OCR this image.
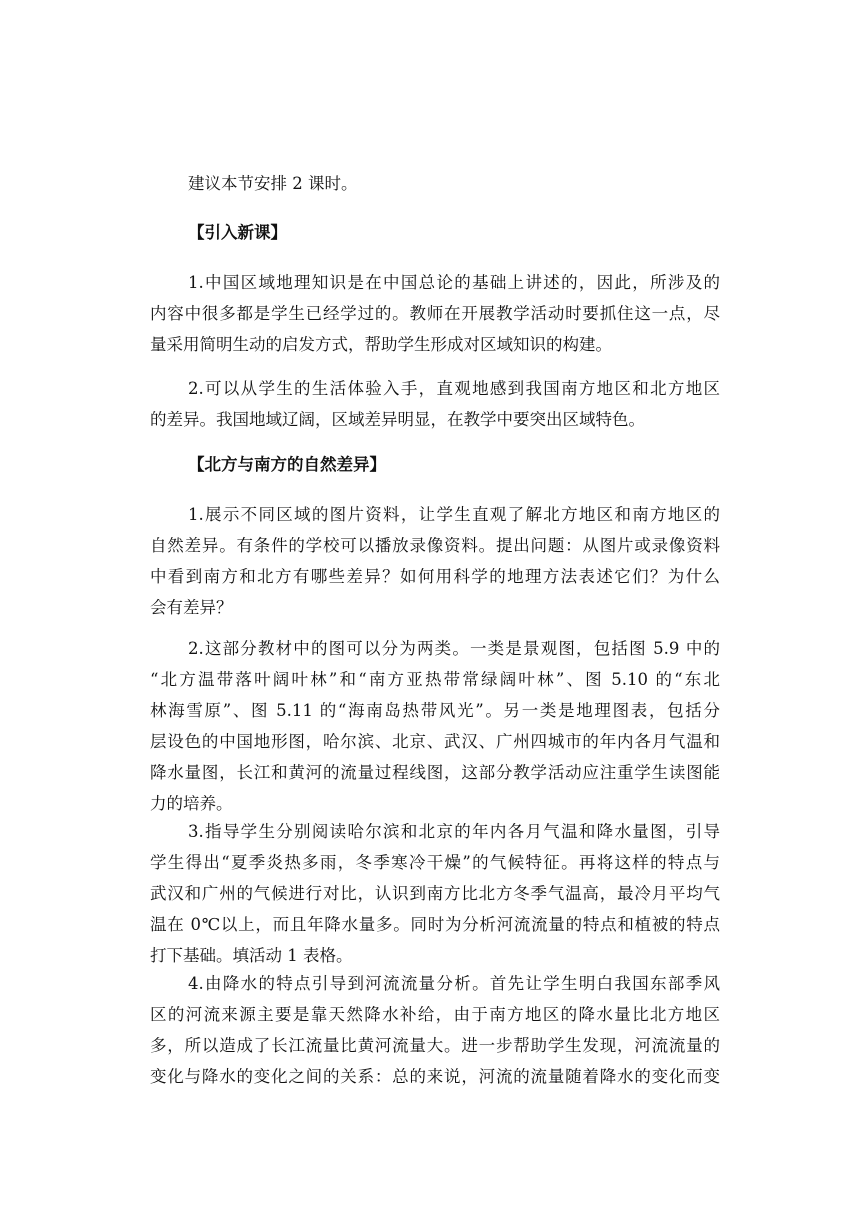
建议本节安排 2 课时。
【引入新课】
1.中国区域地理知识是在中国总论的基础上讲述的，因此，所涉及的
内容中很多都是学生已经学过的。教师在开展教学活动时要抓住这一点，尽
量采用简明生动的启发方式，帮助学生形成对区域知识的构建。
2.可以从学生的生活体验入手，直观地感到我国南方地区和北方地区
的差异。我国地域辽阔，区域差异明显，在教学中要突出区域特色。
【北方与南方的自然差异】
1.展示不同区域的图片资料，让学生直观了解北方地区和南方地区的
自然差异。有条件的学校可以播放录像资料。提出问题：从图片或录像资料
中看到南方和北方有哪些差异？如何用科学的地理方法表述它们？为什么
会有差异？
2.这部分教材中的图可以分为两类。一类是景观图，包括图 5.9 中的
“北方温带落叶阔叶林”和“南方亚热带常绿阔叶林”、图 5.10 的“东北
林海雪原”、图 5.11 的“海南岛热带风光”。另一类是地理图表，包括分
层设色的中国地形图，哈尔滨、北京、武汉、广州四城市的年内各月气温和
降水量图，长江和黄河的流量过程线图，这部分教学活动应注重学生读图能
力的培养。
3.指导学生分别阅读哈尔滨和北京的年内各月气温和降水量图，引导
学生得出“夏季炎热多雨，冬季寒冷干燥”的气候特征。再将这样的特点与
武汉和广州的气候进行对比，认识到南方比北方冬季气温高，最冷月平均气
温在 0℃以上，而且年降水量多。同时为分析河流流量的特点和植被的特点
打下基础。填活动 1 表格。
4.由降水的特点引导到河流流量分析。首先让学生明白我国东部季风
区的河流来源主要是靠天然降水补给，由于南方地区的降水量比北方地区
多，所以造成了长江流量比黄河流量大。进一步帮助学生发现，河流流量的
变化与降水的变化之间的关系：总的来说，河流的流量随着降水的变化而变
